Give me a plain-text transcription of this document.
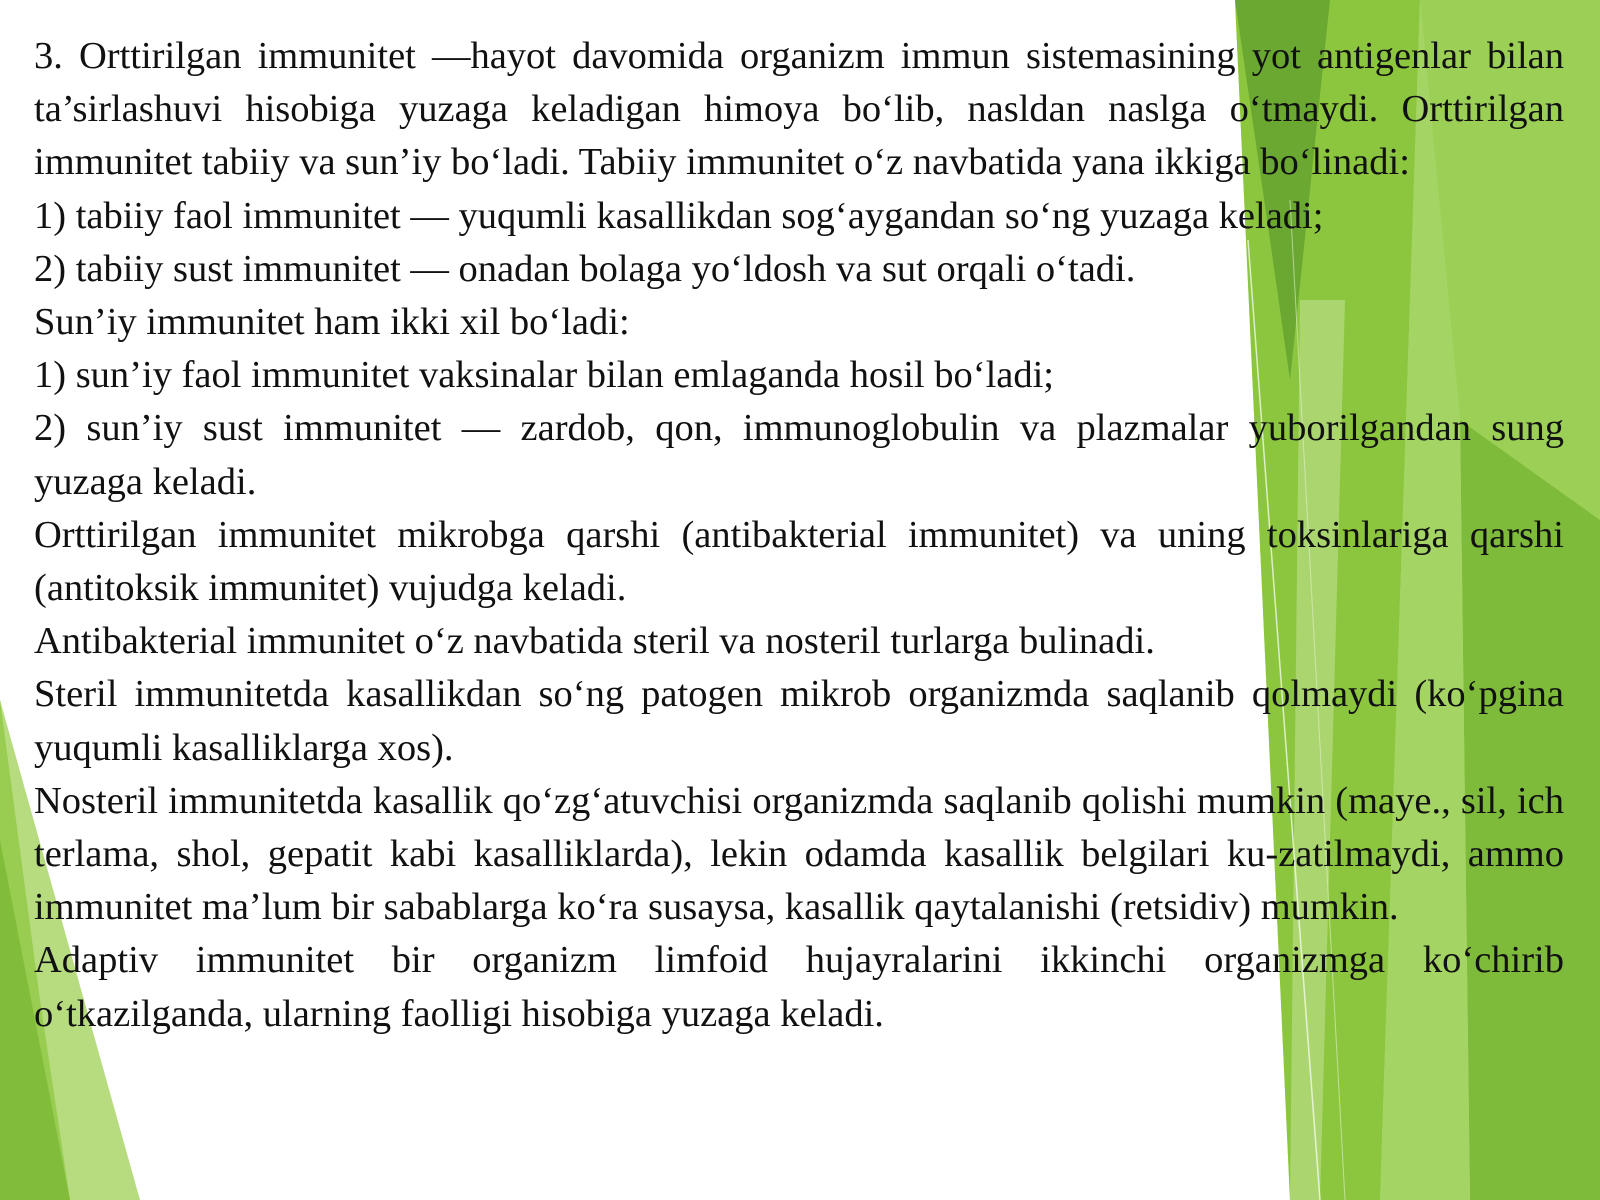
3. Orttirilgan immunitet —hayot davomida organizm immun sistemasining yot antigenlar bilan ta’sirlashuvi hisobiga yuzaga keladigan himoya bo‘lib, nasldan naslga o‘tmaydi. Orttirilgan immunitet tabiiy va sun’iy bo‘ladi. Tabiiy immunitet o‘z navbatida yana ikkiga bo‘linadi:

1) tabiiy faol immunitet — yuqumli kasallikdan sog‘aygandan so‘ng yuzaga keladi;

2) tabiiy sust immunitet — onadan bolaga yo‘ldosh va sut orqali o‘tadi.

Sun’iy immunitet ham ikki xil bo‘ladi:

1) sun’iy faol immunitet vaksinalar bilan emlaganda hosil bo‘ladi;

2) sun’iy sust immunitet — zardob, qon, immunoglobulin va plazmalar yuborilgandan sung yuzaga keladi.

Orttirilgan immunitet mikrobga qarshi (antibakterial immunitet) va uning toksinlariga qarshi (antitoksik immunitet) vujudga keladi.

Antibakterial immunitet o‘z navbatida steril va nosteril turlarga bulinadi.

Steril immunitetda kasallikdan so‘ng patogen mikrob organizmda saqlanib qolmaydi (ko‘pgina yuqumli kasalliklarga xos).

Nosteril immunitetda kasallik qo‘zg‘atuvchisi organizmda saqlanib qolishi mumkin (maye., sil, ich terlama, shol, gepatit kabi kasalliklarda), lekin odamda kasallik belgilari ku-zatilmaydi, ammo immunitet ma’lum bir sabablarga ko‘ra susaysa, kasallik qaytalanishi (retsidiv) mumkin.

Adaptiv immunitet bir organizm limfoid hujayralarini ikkinchi organizmga ko‘chirib o‘tkazilganda, ularning faolligi hisobiga yuzaga keladi.
